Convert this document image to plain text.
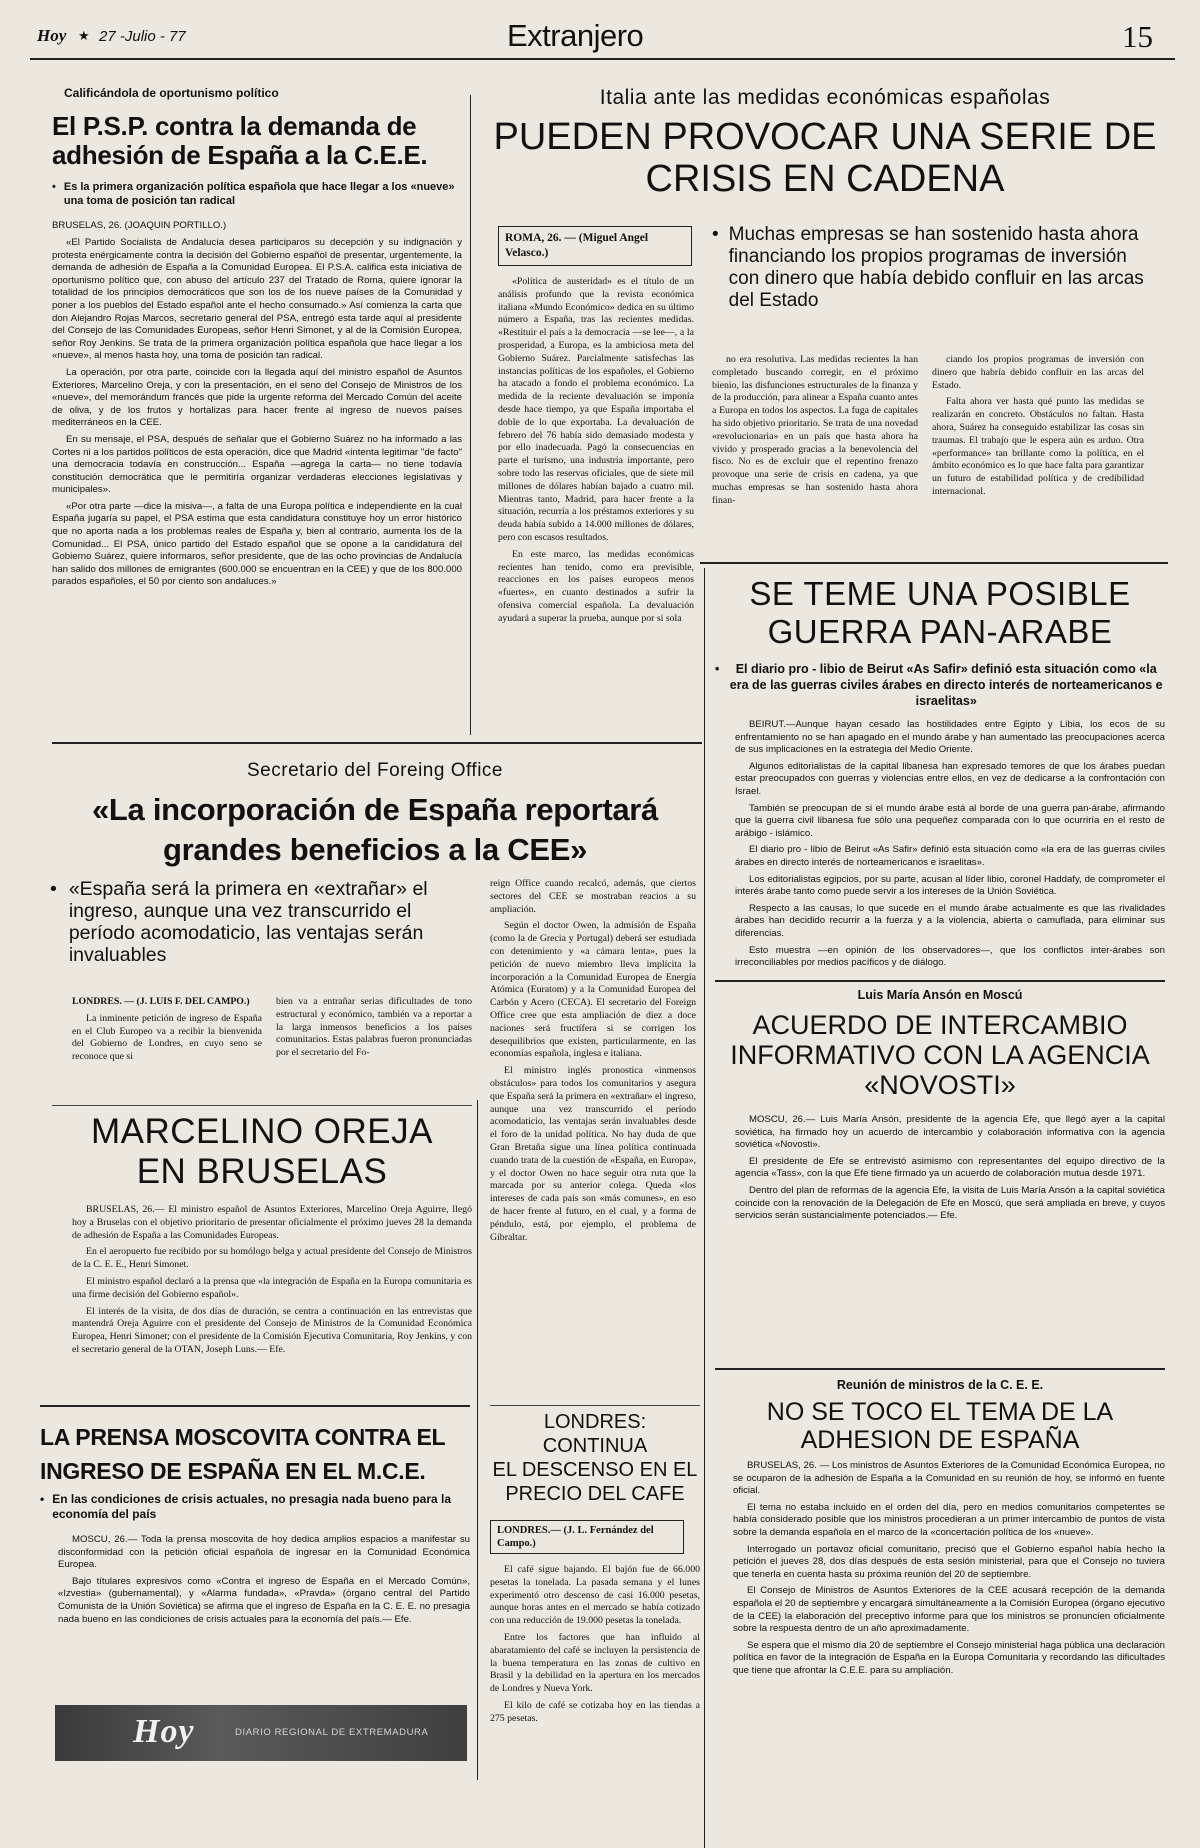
Hoy ★ 27 -Julio - 77	Extranjero	15
Calificándola de oportunismo político
El P.S.P. contra la demanda de
adhesión de España a la C.E.E.
• Es la primera organización política española que hace llegar a los «nueve» una toma de posición tan radical
BRUSELAS, 26. (JOAQUIN PORTILLO.)

«El Partido Socialista de Andalucía desea participaros su decepción y su indignación y protesta enérgicamente contra la decisión del Gobierno español de presentar, urgentemente, la demanda de adhesión de España a la Comunidad Europea. El P.S.A. califica esta iniciativa de oportunismo político que, con abuso del artículo 237 del Tratado de Roma, quiere ignorar la totalidad de los principios democráticos que son los de los nueve países de la Comunidad y poner a los pueblos del Estado español ante el hecho consumado.» Así comienza la carta que don Alejandro Rojas Marcos, secretario general del PSA, entregó esta tarde aquí al presidente del Consejo de las Comunidades Europeas, señor Henri Simonet, y al de la Comisión Europea, señor Roy Jenkins. Se trata de la primera organización política española que hace llegar a los «nueve», al menos hasta hoy, una toma de posición tan radical.

La operación, por otra parte, coincide con la llegada aquí del ministro español de Asuntos Exteriores, Marcelino Oreja, y con la presentación, en el seno del Consejo de Ministros de los «nueve», del memorándum francés que pide la urgente reforma del Mercado Común del aceite de oliva, y de los frutos y hortalizas para hacer frente al ingreso de nuevos países mediterráneos en la CEE.

En su mensaje, el PSA, después de señalar que el Gobierno Suárez no ha informado a las Cortes ni a los partidos políticos de esta operación, dice que Madrid «intenta legitimar "de facto" una democracia todavía en construcción... España —agrega la carta— no tiene todavía constitución democrática que le permitiría organizar verdaderas elecciones legislativas y municipales».

«Por otra parte —dice la misiva—, a falta de una Europa política e independiente en la cual España jugaría su papel, el PSA estima que esta candidatura constituye hoy un error histórico que no aporta nada a los problemas reales de España y, bien al contrario, aumenta los de la Comunidad... El PSA, único partido del Estado español que se opone a la candidatura del Gobierno Suárez, quiere informaros, señor presidente, que de las ocho provincias de Andalucía han salido dos millones de emigrantes (600.000 se encuentran en la CEE) y que de los 800.000 parados españoles, el 50 por ciento son andaluces.»

Italia ante las medidas económicas españolas
PUEDEN PROVOCAR UNA SERIE DE
CRISIS EN CADENA
ROMA, 26. — (Miguel Angel Velasco.)

«Política de austeridad» es el título de un análisis profundo que la revista económica italiana «Mundo Económico» dedica en su último número a España, tras las recientes medidas. «Restituir el país a la democracia —se lee—, a la prosperidad, a Europa, es la ambiciosa meta del Gobierno Suárez. Parcialmente satisfechas las instancias políticas de los españoles, el Gobierno ha atacado a fondo el problema económico. La medida de la reciente devaluación se imponía desde hace tiempo, ya que España importaba el doble de lo que exportaba. La devaluación de febrero del 76 había sido demasiado modesta y por ello inadecuada. Pagó la consecuencias en parte el turismo, una industria importante, pero sobre todo las reservas oficiales, que de siete mil millones de dólares habían bajado a cuatro mil. Mientras tanto, Madrid, para hacer frente a la situación, recurría a los préstamos exteriores y su deuda había subido a 14.000 millones de dólares, pero con escasos resultados.

En este marco, las medidas económicas recientes han tenido, como era previsible, reacciones en los países europeos menos «fuertes», en cuanto destinados a sufrir la ofensiva comercial española. La devaluación ayudará a superar la prueba, aunque por sí sola

• Muchas empresas se han sostenido hasta ahora financiando los propios programas de inversión con dinero que había debido confluir en las arcas del Estado

no era resolutiva. Las medidas recientes la han completado buscando corregir, en el próximo bienio, las disfunciones estructurales de la finanza y de la producción, para alinear a España cuanto antes a Europa en todos los aspectos. La fuga de capitales ha sido objetivo prioritario. Se trata de una novedad «revolucionaria» en un país que hasta ahora ha vivido y prosperado gracias a la benevolencia del fisco. No es de excluir que el repentino frenazo provoque una serie de crisis en cadena, ya que muchas empresas se han sostenido hasta ahora finan-

ciando los propios programas de inversión con dinero que habría debido confluir en las arcas del Estado.

Falta ahora ver hasta qué punto las medidas se realizarán en concreto. Obstáculos no faltan. Hasta ahora, Suárez ha conseguido estabilizar las cosas sin traumas. El trabajo que le espera aún es arduo. Otra «performance» tan brillante como la política, en el ámbito económico es lo que hace falta para garantizar un futuro de estabilidad política y de credibilidad internacional.

SE TEME UNA POSIBLE
GUERRA PAN-ARABE
•	El diario pro - libio de Beirut «As Safir» definió esta situación como «la era de las guerras civiles árabes en directo interés de norteamericanos e israelitas»

BEIRUT.—Aunque hayan cesado las hostilidades entre Egipto y Libia, los ecos de su enfrentamiento no se han apagado en el mundo árabe y han aumentado las preocupaciones acerca de sus implicaciones en la estrategia del Medio Oriente.

Algunos editorialistas de la capital libanesa han expresado temores de que los árabes puedan estar preocupados con guerras y violencias entre ellos, en vez de dedicarse a la confrontación con Israel.

También se preocupan de si el mundo árabe está al borde de una guerra pan-árabe, afirmando que la guerra civil libanesa fue sólo una pequeñez comparada con lo que ocurriría en el resto de arábigo - islámico.

El diario pro - libio de Beirut «As Safir» definió esta situación como «la era de las guerras civiles árabes en directo interés de norteamericanos e israelitas».

Los editorialistas egipcios, por su parte, acusan al líder libio, coronel Haddafy, de comprometer el interés árabe tanto como puede servir a los intereses de la Unión Soviética.

Respecto a las causas, lo que sucede en el mundo árabe actualmente es que las rivalidades árabes han decidido recurrir a la fuerza y a la violencia, abierta o camuflada, para eliminar sus diferencias.

Esto muestra —en opinión de los observadores—, que los conflictos inter-árabes son irreconciliables por medios pacíficos y de diálogo.

Secretario del Foreing Office
«La incorporación de España reportará
grandes beneficios a la CEE»
• «España será la primera en «extrañar» el ingreso, aunque una vez transcurrido el período acomodaticio, las ventajas serán invaluables
LONDRES. — (J. LUIS F. DEL CAMPO.)

La inminente petición de ingreso de España en el Club Europeo va a recibir la bienvenida del Gobierno de Londres, en cuyo seno se reconoce que si

bien va a entrañar serias dificultades de tono estructural y económico, también va a reportar a la larga inmensos beneficios a los países comunitarios. Estas palabras fueron pronunciadas por el secretario del Fo-

reign Office cuando recalcó, además, que ciertos sectores del CEE se mostraban reacios a su ampliación.

Según el doctor Owen, la admisión de España (como la de Grecia y Portugal) deberá ser estudiada con detenimiento y «a cámara lenta», pues la petición de nuevo miembro lleva implícita la incorporación a la Comunidad Europea de Energía Atómica (Euratom) y a la Comunidad Europea del Carbón y Acero (CECA). El secretario del Foreign Office cree que esta ampliación de diez a doce naciones será fructífera si se corrigen los desequilibrios que existen, particularmente, en las economías española, inglesa e italiana.

El ministro inglés pronostica «inmensos obstáculos» para todos los comunitarios y asegura que España será la primera en «extrañar» el ingreso, aunque una vez transcurrido el período acomodaticio, las ventajas serán invaluables desde el foro de la unidad política. No hay duda de que Gran Bretaña sigue una línea política continuada cuando trata de la cuestión de «España, en Europa», y el doctor Owen no hace seguir otra ruta que la marcada por su anterior colega. Queda «los intereses de cada país son «más comunes», en eso de hacer frente al futuro, en el cual, y a forma de péndulo, está, por ejemplo, el problema de Gibraltar.

MARCELINO OREJA
EN BRUSELAS

BRUSELAS, 26.— El ministro español de Asuntos Exteriores, Marcelino Oreja Aguirre, llegó hoy a Bruselas con el objetivo prioritario de presentar oficialmente el próximo jueves 28 la demanda de adhesión de España a las Comunidades Europeas.

En el aeropuerto fue recibido por su homólogo belga y actual presidente del Consejo de Ministros de la C. E. E., Henri Simonet.

El ministro español declaró a la prensa que «la integración de España en la Europa comunitaria es una firme decisión del Gobierno español».

El interés de la visita, de dos días de duración, se centra a continuación en las entrevistas que mantendrá Oreja Aguirre con el presidente del Consejo de Ministros de la Comunidad Económica Europea, Henri Simonet; con el presidente de la Comisión Ejecutiva Comunitaria, Roy Jenkins, y con el secretario general de la OTAN, Joseph Luns.— Efe.

LA PRENSA MOSCOVITA CONTRA EL
INGRESO DE ESPAÑA EN EL M.C.E.
• En las condiciones de crisis actuales, no presagia nada bueno para la economía del país

MOSCU, 26.— Toda la prensa moscovita de hoy dedica amplios espacios a manifestar su disconformidad con la petición oficial española de ingresar en la Comunidad Económica Europea.

Bajo títulares expresivos como «Contra el ingreso de España en el Mercado Común», «Izvestia» (gubernamental), y «Alarma fundada», «Pravda» (órgano central del Partido Comunista de la Unión Soviética) se afirma que el ingreso de España en la C. E. E. no presagia nada bueno en las condiciones de crisis actuales para la economía del país.— Efe.

LONDRES: CONTINUA
EL DESCENSO EN EL
PRECIO DEL CAFE
LONDRES.— (J. L. Fernández del Campo.)

El café sigue bajando. El bajón fue de 66.000 pesetas la tonelada. La pasada semana y el lunes experimentó otro descenso de casi 16.000 pesetas, aunque horas antes en el mercado se había cotizado con una reducción de 19.000 pesetas la tonelada.

Entre los factores que han influido al abaratamiento del café se incluyen la persistencia de la buena temperatura en las zonas de cultivo en Brasil y la debilidad en la apertura en los mercados de Londres y Nueva York.

El kilo de café se cotizaba hoy en las tiendas a 275 pesetas.

Luis María Ansón en Moscú
ACUERDO DE INTERCAMBIO
INFORMATIVO CON LA AGENCIA
«NOVOSTI»

MOSCU, 26.— Luis María Ansón, presidente de la agencia Efe, que llegó ayer a la capital soviética, ha firmado hoy un acuerdo de intercambio y colaboración informativa con la agencia soviética «Novosti».

El presidente de Efe se entrevistó asimismo con representantes del equipo directivo de la agencia «Tass», con la que Efe tiene firmado ya un acuerdo de colaboración mutua desde 1971.

Dentro del plan de reformas de la agencia Efe, la visita de Luis María Ansón a la capital soviética coincide con la renovación de la Delegación de Efe en Moscú, que será ampliada en breve, y cuyos servicios serán sustancialmente potenciados.— Efe.

Reunión de ministros de la C. E. E.
NO SE TOCO EL TEMA DE LA
ADHESION DE ESPAÑA

BRUSELAS, 26. — Los ministros de Asuntos Exteriores de la Comunidad Económica Europea, no se ocuparon de la adhesión de España a la Comunidad en su reunión de hoy, se informó en fuente oficial.

El tema no estaba incluido en el orden del día, pero en medios comunitarios competentes se había considerado posible que los ministros procedieran a un primer intercambio de puntos de vista sobre la demanda española en el marco de la «concertación política de los «nueve».

Interrogado un portavoz oficial comunitario, precisó que el Gobierno español había hecho la petición el jueves 28, dos días después de esta sesión ministerial, para que el Consejo no tuviera que tenerla en cuenta hasta su próxima reunión del 20 de septiembre.

El Consejo de Ministros de Asuntos Exteriores de la CEE acusará recepción de la demanda española el 20 de septiembre y encargará simultáneamente a la Comisión Europea (órgano ejecutivo de la CEE) la elaboración del preceptivo informe para que los ministros se pronuncien oficialmente sobre la respuesta dentro de un año aproximadamente.

Se espera que el mismo día 20 de septiembre el Consejo ministerial haga pública una declaración política en favor de la integración de España en la Europa Comunitaria y recordando las dificultades que tiene que afrontar la C.E.E. para su ampliación.

Hoy	DIARIO REGIONAL DE EXTREMADURA
